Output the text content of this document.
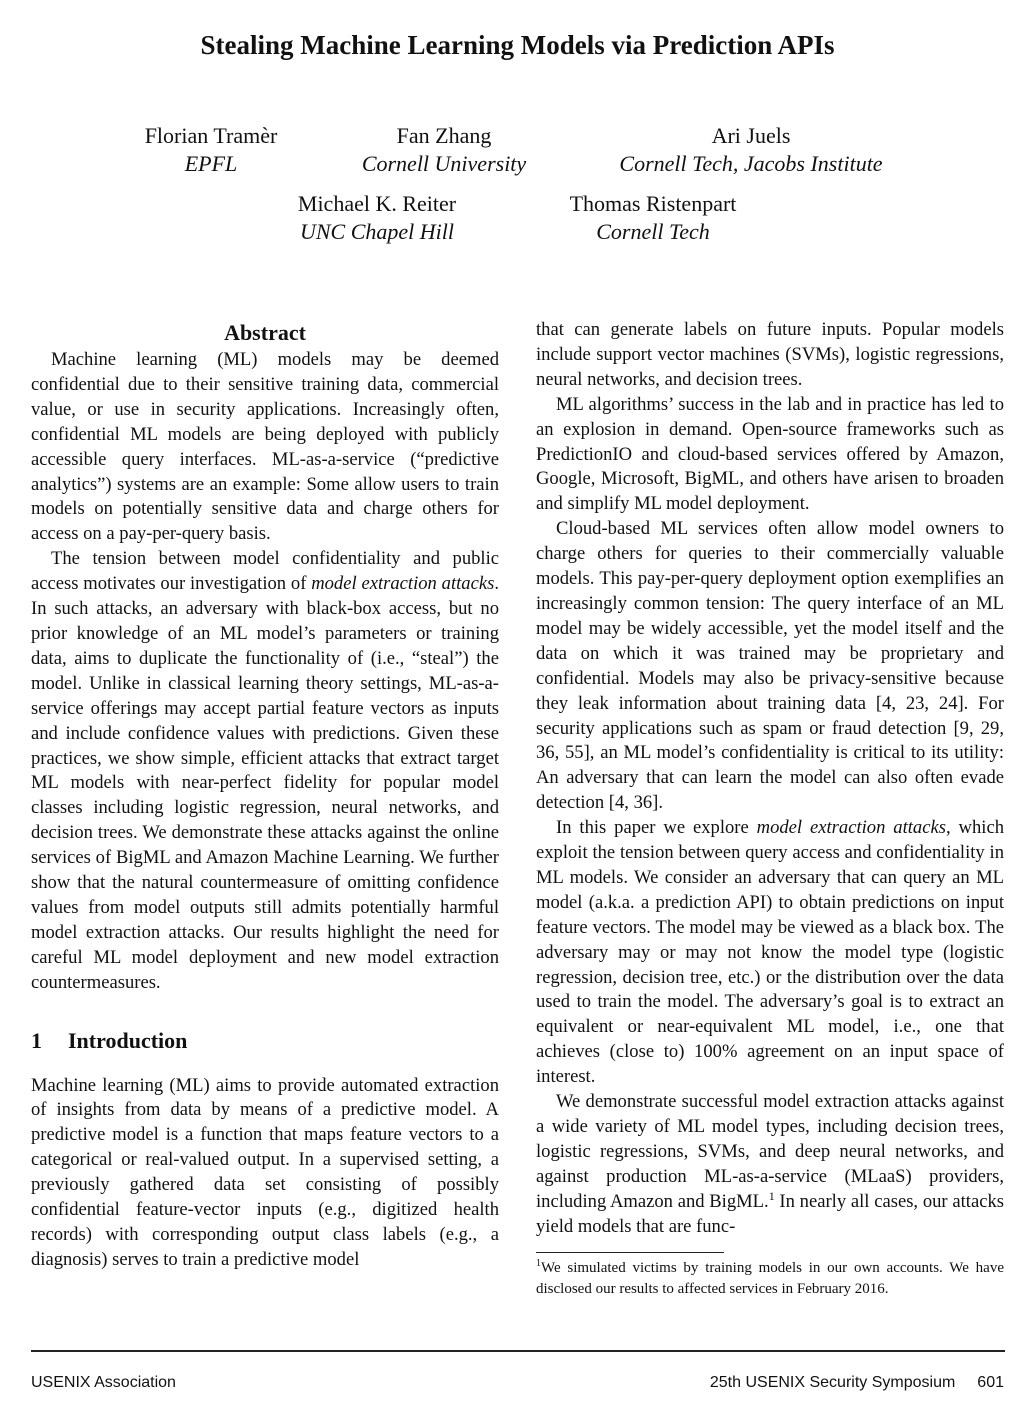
Stealing Machine Learning Models via Prediction APIs
Florian Tramèr
EPFL
Fan Zhang
Cornell University
Ari Juels
Cornell Tech, Jacobs Institute
Michael K. Reiter
UNC Chapel Hill
Thomas Ristenpart
Cornell Tech
Abstract

Machine learning (ML) models may be deemed confidential due to their sensitive training data, commercial value, or use in security applications. Increasingly often, confidential ML models are being deployed with publicly accessible query interfaces. ML-as-a-service (“predictive analytics”) systems are an example: Some allow users to train models on potentially sensitive data and charge others for access on a pay-per-query basis.

The tension between model confidentiality and public access motivates our investigation of model extraction attacks. In such attacks, an adversary with black-box access, but no prior knowledge of an ML model’s parameters or training data, aims to duplicate the functionality of (i.e., “steal”) the model. Unlike in classical learning theory settings, ML-as-a-service offerings may accept partial feature vectors as inputs and include confidence values with predictions. Given these practices, we show simple, efficient attacks that extract target ML models with near-perfect fidelity for popular model classes including logistic regression, neural networks, and decision trees. We demonstrate these attacks against the online services of BigML and Amazon Machine Learning. We further show that the natural countermeasure of omitting confidence values from model outputs still admits potentially harmful model extraction attacks. Our results highlight the need for careful ML model deployment and new model extraction countermeasures.

1 Introduction

Machine learning (ML) aims to provide automated extraction of insights from data by means of a predictive model. A predictive model is a function that maps feature vectors to a categorical or real-valued output. In a supervised setting, a previously gathered data set consisting of possibly confidential feature-vector inputs (e.g., digitized health records) with corresponding output class labels (e.g., a diagnosis) serves to train a predictive model

that can generate labels on future inputs. Popular models include support vector machines (SVMs), logistic regressions, neural networks, and decision trees.

ML algorithms’ success in the lab and in practice has led to an explosion in demand. Open-source frameworks such as PredictionIO and cloud-based services offered by Amazon, Google, Microsoft, BigML, and others have arisen to broaden and simplify ML model deployment.

Cloud-based ML services often allow model owners to charge others for queries to their commercially valuable models. This pay-per-query deployment option exemplifies an increasingly common tension: The query interface of an ML model may be widely accessible, yet the model itself and the data on which it was trained may be proprietary and confidential. Models may also be privacy-sensitive because they leak information about training data [4, 23, 24]. For security applications such as spam or fraud detection [9, 29, 36, 55], an ML model’s confidentiality is critical to its utility: An adversary that can learn the model can also often evade detection [4, 36].

In this paper we explore model extraction attacks, which exploit the tension between query access and confidentiality in ML models. We consider an adversary that can query an ML model (a.k.a. a prediction API) to obtain predictions on input feature vectors. The model may be viewed as a black box. The adversary may or may not know the model type (logistic regression, decision tree, etc.) or the distribution over the data used to train the model. The adversary’s goal is to extract an equivalent or near-equivalent ML model, i.e., one that achieves (close to) 100% agreement on an input space of interest.

We demonstrate successful model extraction attacks against a wide variety of ML model types, including decision trees, logistic regressions, SVMs, and deep neural networks, and against production ML-as-a-service (MLaaS) providers, including Amazon and BigML.$^1$ In nearly all cases, our attacks yield models that are func-

$^1$We simulated victims by training models in our own accounts. We have disclosed our results to affected services in February 2016.

USENIX Association	25th USENIX Security Symposium 601
